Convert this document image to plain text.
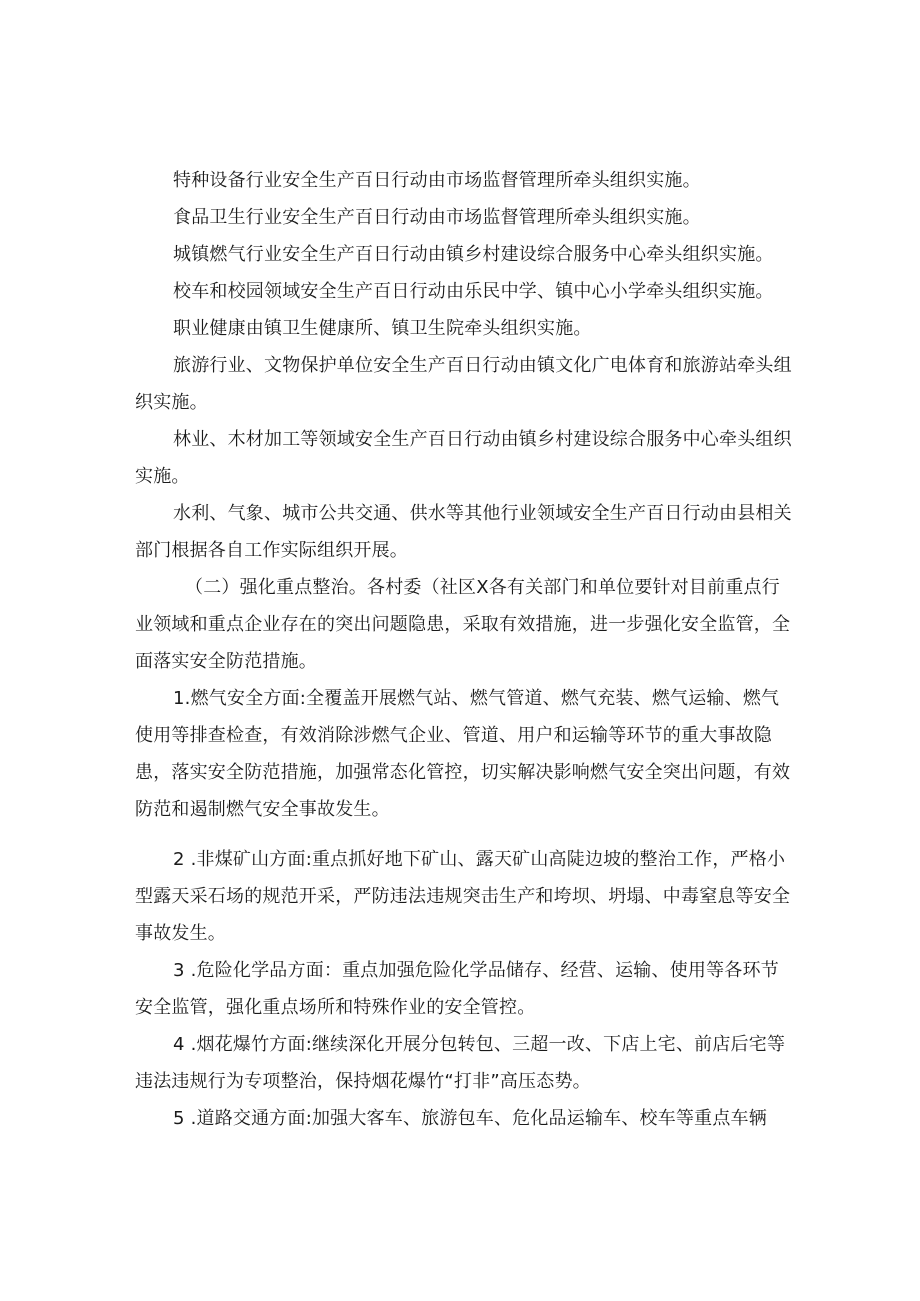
特种设备行业安全生产百日行动由市场监督管理所牵头组织实施。

食品卫生行业安全生产百日行动由市场监督管理所牵头组织实施。

城镇燃气行业安全生产百日行动由镇乡村建设综合服务中心牵头组织实施。

校车和校园领域安全生产百日行动由乐民中学、镇中心小学牵头组织实施。

职业健康由镇卫生健康所、镇卫生院牵头组织实施。

旅游行业、文物保护单位安全生产百日行动由镇文化广电体育和旅游站牵头组织实施。

林业、木材加工等领域安全生产百日行动由镇乡村建设综合服务中心牵头组织实施。

水利、气象、城市公共交通、供水等其他行业领域安全生产百日行动由县相关部门根据各自工作实际组织开展。

（二）强化重点整治。各村委（社区X各有关部门和单位要针对目前重点行业领域和重点企业存在的突出问题隐患，采取有效措施，进一步强化安全监管，全面落实安全防范措施。

1.燃气安全方面:全覆盖开展燃气站、燃气管道、燃气充装、燃气运输、燃气使用等排查检查，有效消除涉燃气企业、管道、用户和运输等环节的重大事故隐患，落实安全防范措施，加强常态化管控，切实解决影响燃气安全突出问题，有效防范和遏制燃气安全事故发生。

2 .非煤矿山方面:重点抓好地下矿山、露天矿山高陡边坡的整治工作，严格小型露天采石场的规范开采，严防违法违规突击生产和垮坝、坍塌、中毒窒息等安全事故发生。

3 .危险化学品方面：重点加强危险化学品储存、经营、运输、使用等各环节安全监管，强化重点场所和特殊作业的安全管控。

4 .烟花爆竹方面:继续深化开展分包转包、三超一改、下店上宅、前店后宅等违法违规行为专项整治，保持烟花爆竹“打非”高压态势。

5 .道路交通方面:加强大客车、旅游包车、危化品运输车、校车等重点车辆
